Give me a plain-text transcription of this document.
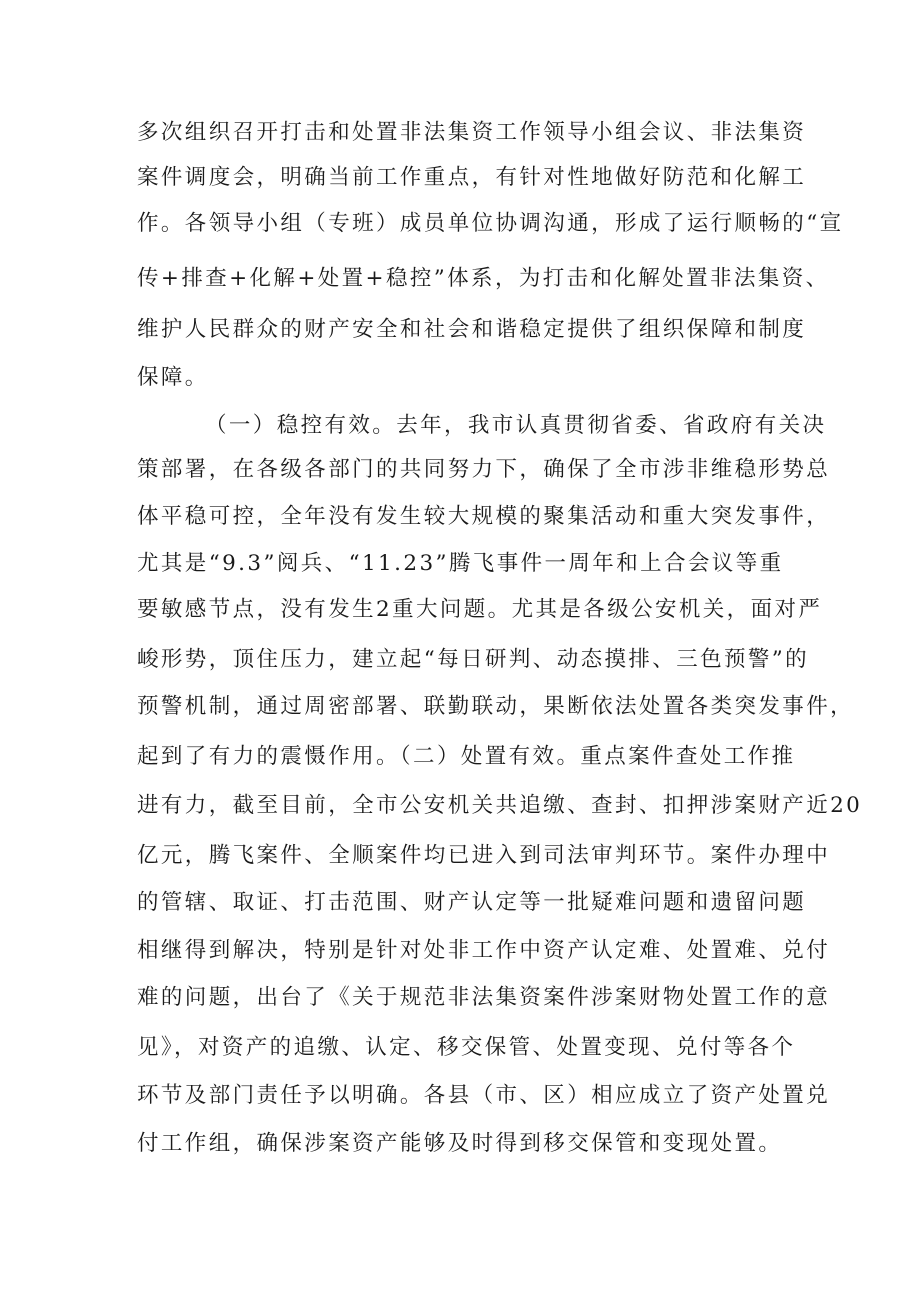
多次组织召开打击和处置非法集资工作领导小组会议、非法集资
案件调度会，明确当前工作重点，有针对性地做好防范和化解工
作。各领导小组（专班）成员单位协调沟通，形成了运行顺畅的“宣
传+排查+化解+处置+稳控”体系，为打击和化解处置非法集资、
维护人民群众的财产安全和社会和谐稳定提供了组织保障和制度
保障。
（一）稳控有效。去年，我市认真贯彻省委、省政府有关决
策部署，在各级各部门的共同努力下，确保了全市涉非维稳形势总
体平稳可控，全年没有发生较大规模的聚集活动和重大突发事件，
尤其是“9.3”阅兵、“11.23”腾飞事件一周年和上合会议等重
要敏感节点，没有发生2重大问题。尤其是各级公安机关，面对严
峻形势，顶住压力，建立起“每日研判、动态摸排、三色预警”的
预警机制，通过周密部署、联勤联动，果断依法处置各类突发事件，
起到了有力的震慑作用。（二）处置有效。重点案件查处工作推
进有力，截至目前，全市公安机关共追缴、查封、扣押涉案财产近20
亿元，腾飞案件、全顺案件均已进入到司法审判环节。案件办理中
的管辖、取证、打击范围、财产认定等一批疑难问题和遗留问题
相继得到解决，特别是针对处非工作中资产认定难、处置难、兑付
难的问题，出台了《关于规范非法集资案件涉案财物处置工作的意
见》，对资产的追缴、认定、移交保管、处置变现、兑付等各个
环节及部门责任予以明确。各县（市、区）相应成立了资产处置兑
付工作组，确保涉案资产能够及时得到移交保管和变现处置。
